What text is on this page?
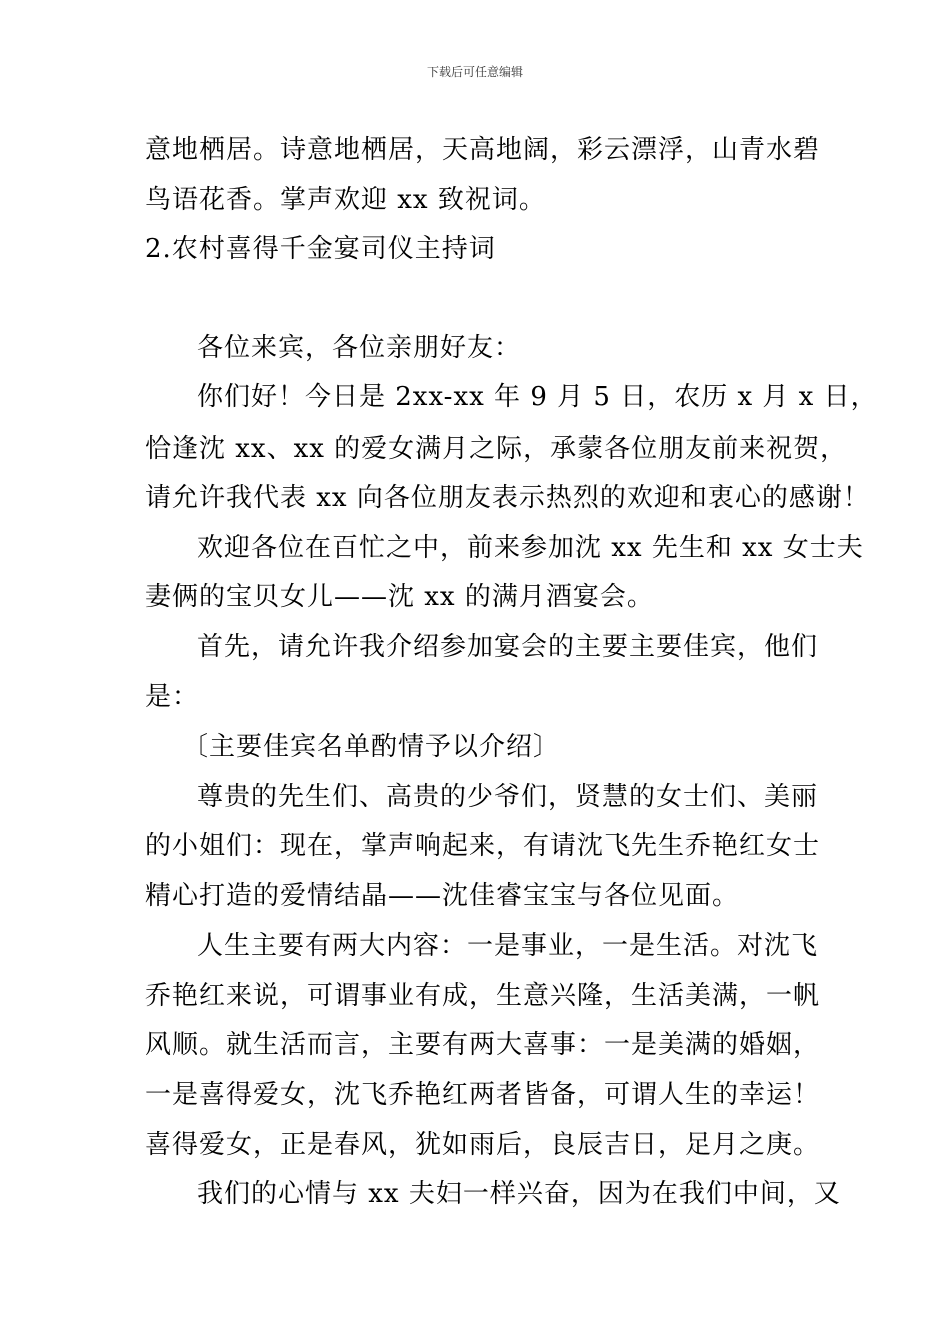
下载后可任意编辑
意地栖居。诗意地栖居，天高地阔，彩云漂浮，山青水碧
鸟语花香。掌声欢迎 xx 致祝词。
2.农村喜得千金宴司仪主持词
各位来宾，各位亲朋好友：
你们好！今日是 2xx-xx 年 9 月 5 日，农历 x 月 x 日，
恰逢沈 xx、xx 的爱女满月之际，承蒙各位朋友前来祝贺，
请允许我代表 xx 向各位朋友表示热烈的欢迎和衷心的感谢！
欢迎各位在百忙之中，前来参加沈 xx 先生和 xx 女士夫
妻俩的宝贝女儿——沈 xx 的满月酒宴会。
首先，请允许我介绍参加宴会的主要主要佳宾，他们
是：
〔主要佳宾名单酌情予以介绍〕
尊贵的先生们、高贵的少爷们，贤慧的女士们、美丽
的小姐们：现在，掌声响起来，有请沈飞先生乔艳红女士
精心打造的爱情结晶——沈佳睿宝宝与各位见面。
人生主要有两大内容：一是事业，一是生活。对沈飞
乔艳红来说，可谓事业有成，生意兴隆，生活美满，一帆
风顺。就生活而言，主要有两大喜事：一是美满的婚姻，
一是喜得爱女，沈飞乔艳红两者皆备，可谓人生的幸运！
喜得爱女，正是春风，犹如雨后，良辰吉日，足月之庚。
我们的心情与 xx 夫妇一样兴奋，因为在我们中间，又
